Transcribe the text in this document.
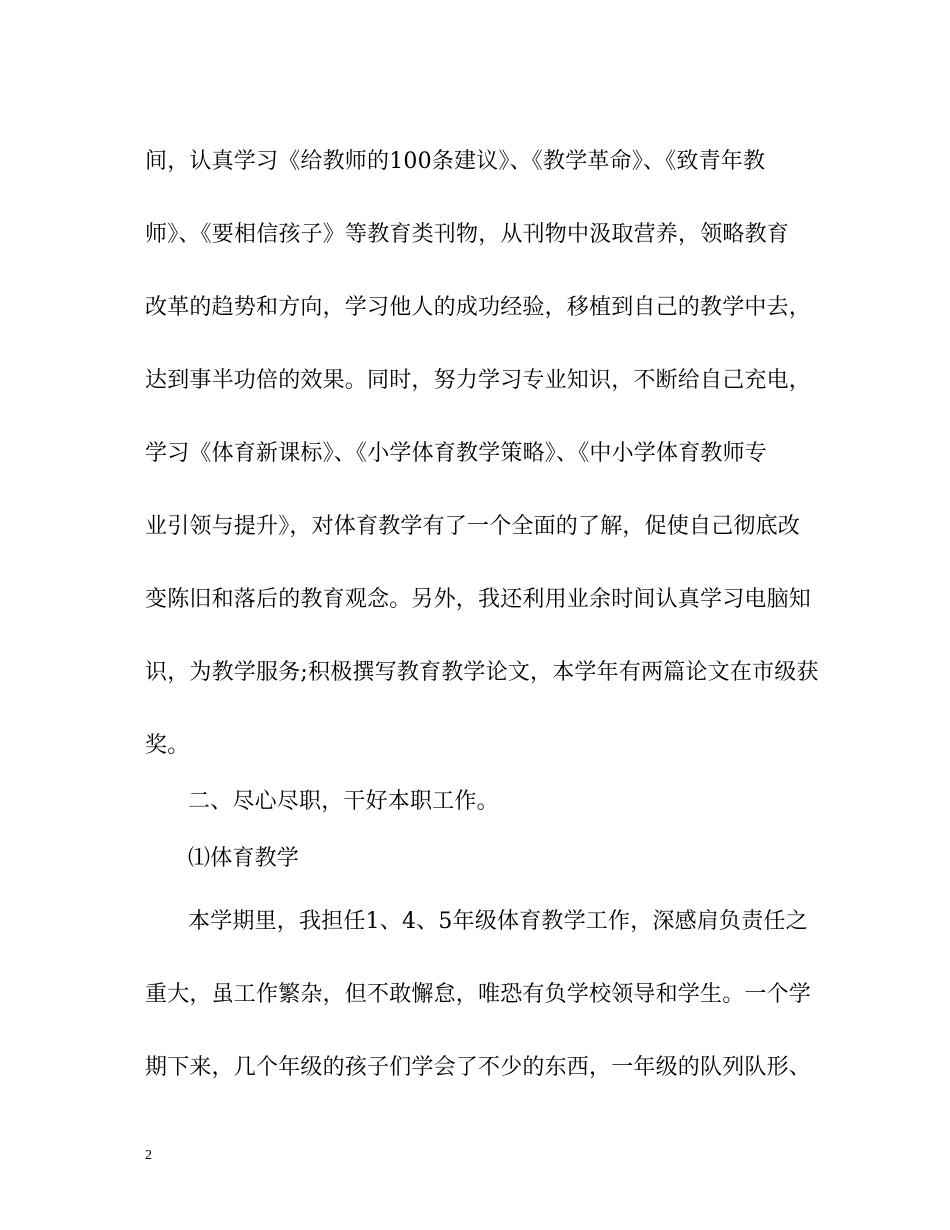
间，认真学习《给教师的100条建议》、《教学革命》、《致青年教
师》、《要相信孩子》等教育类刊物，从刊物中汲取营养，领略教育
改革的趋势和方向，学习他人的成功经验，移植到自己的教学中去，
达到事半功倍的效果。同时，努力学习专业知识，不断给自己充电，
学习《体育新课标》、《小学体育教学策略》、《中小学体育教师专
业引领与提升》，对体育教学有了一个全面的了解，促使自己彻底改
变陈旧和落后的教育观念。另外，我还利用业余时间认真学习电脑知
识，为教学服务;积极撰写教育教学论文，本学年有两篇论文在市级获
奖。
二、尽心尽职，干好本职工作。
⑴体育教学
本学期里，我担任1、4、5年级体育教学工作，深感肩负责任之
重大，虽工作繁杂，但不敢懈怠，唯恐有负学校领导和学生。一个学
期下来，几个年级的孩子们学会了不少的东西，一年级的队列队形、
2
